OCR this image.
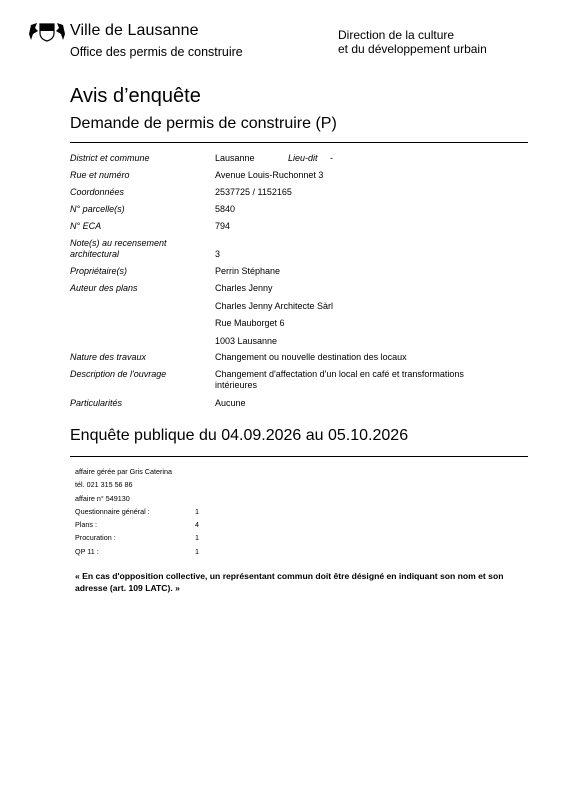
Ville de Lausanne
Office des permis de construire
Direction de la culture
et du développement urbain
Avis d’enquête
Demande de permis de construire (P)
District et commune	Lausanne	Lieu-dit -
Rue et numéro	Avenue Louis-Ruchonnet 3
Coordonnées	2537725 / 1152165
N° parcelle(s)	5840
N° ECA	794
Note(s) au recensement
architectural	3
Propriétaire(s)	Perrin Stéphane
Auteur des plans	Charles Jenny
Charles Jenny Architecte Sàrl
Rue Mauborget 6
1003 Lausanne
Nature des travaux	Changement ou nouvelle destination des locaux
Description de l'ouvrage	Changement d'affectation d'un local en café et transformations
intérieures
Particularités	Aucune
Enquête publique du 04.09.2026 au 05.10.2026
affaire gérée par Gris Caterina
tél. 021 315 56 86
affaire n° 549130
Questionnaire général :	1
Plans :	4
Procuration :	1
QP 11 :	1
« En cas d'opposition collective, un représentant commun doit être désigné en indiquant son nom et son adresse (art. 109 LATC). »
